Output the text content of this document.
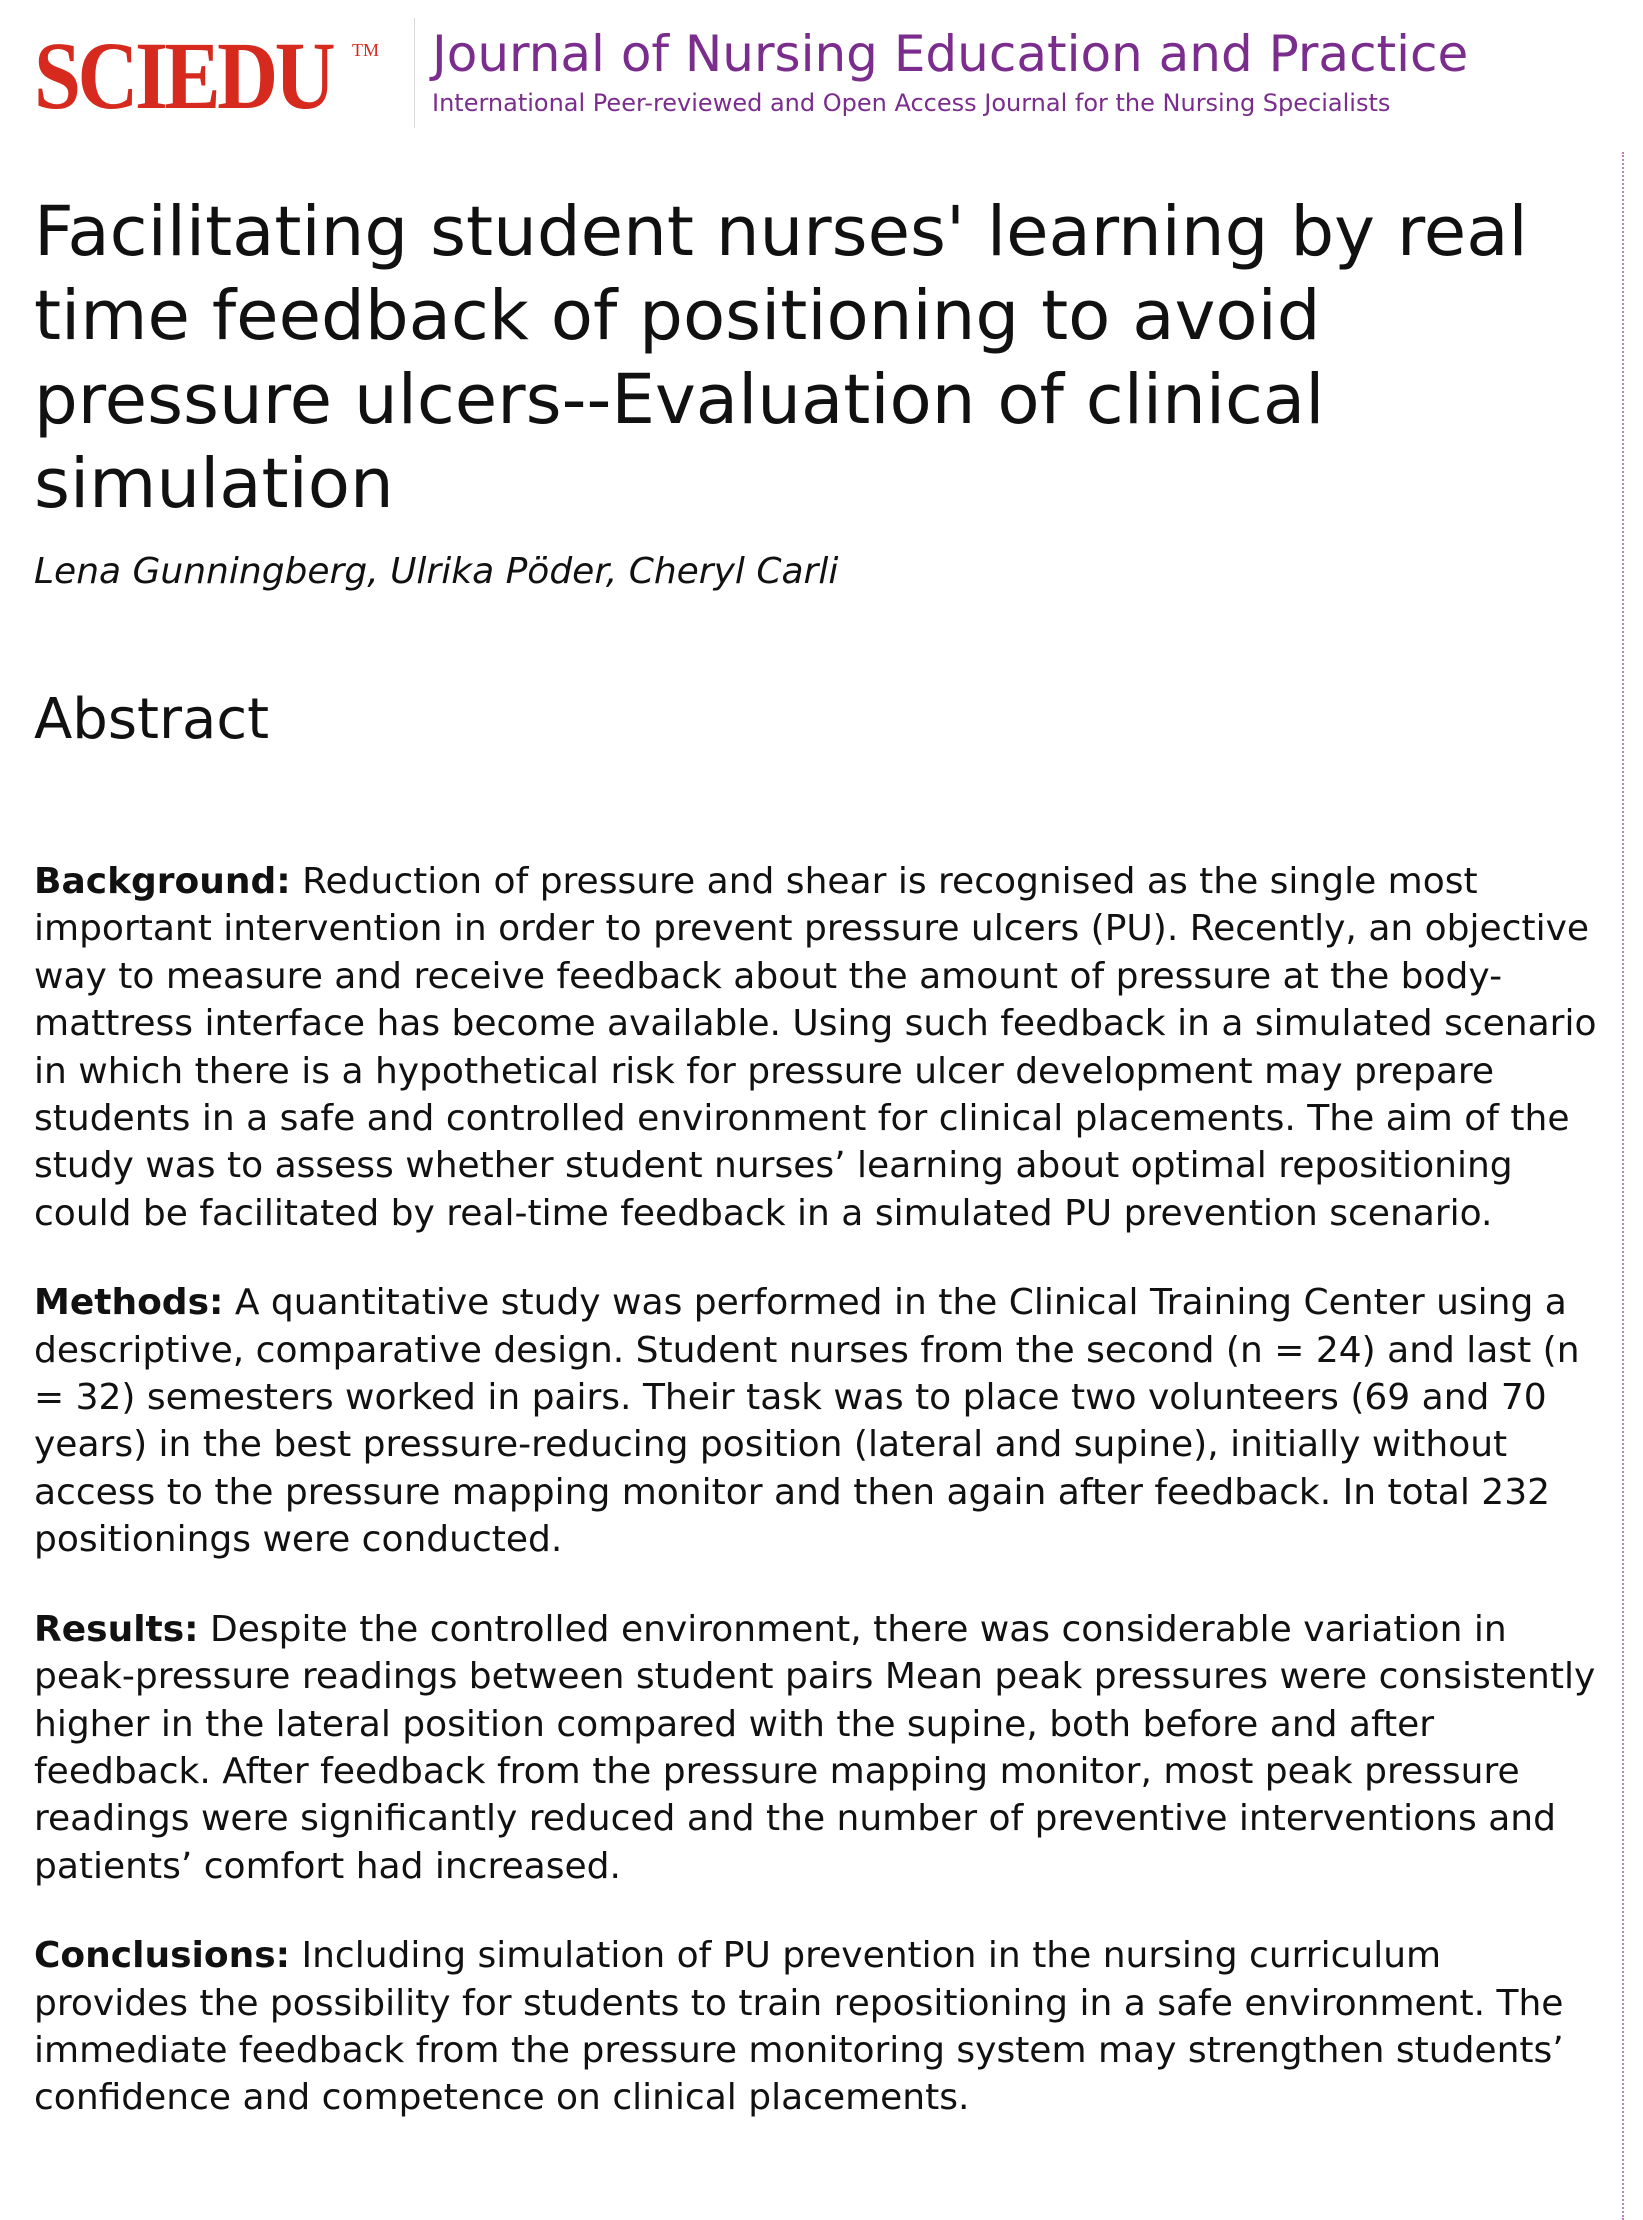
SCIEDU TM Journal of Nursing Education and Practice
International Peer-reviewed and Open Access Journal for the Nursing Specialists
Facilitating student nurses' learning by real time feedback of positioning to avoid pressure ulcers--Evaluation of clinical simulation
Lena Gunningberg, Ulrika Pöder, Cheryl Carli
Abstract

Background: Reduction of pressure and shear is recognised as the single most important intervention in order to prevent pressure ulcers (PU). Recently, an objective way to measure and receive feedback about the amount of pressure at the body-mattress interface has become available. Using such feedback in a simulated scenario in which there is a hypothetical risk for pressure ulcer development may prepare students in a safe and controlled environment for clinical placements. The aim of the study was to assess whether student nurses’ learning about optimal repositioning could be facilitated by real-time feedback in a simulated PU prevention scenario.

Methods: A quantitative study was performed in the Clinical Training Center using a descriptive, comparative design. Student nurses from the second (n = 24) and last (n = 32) semesters worked in pairs. Their task was to place two volunteers (69 and 70 years) in the best pressure-reducing position (lateral and supine), initially without access to the pressure mapping monitor and then again after feedback. In total 232 positionings were conducted.

Results: Despite the controlled environment, there was considerable variation in peak-pressure readings between student pairs Mean peak pressures were consistently higher in the lateral position compared with the supine, both before and after feedback. After feedback from the pressure mapping monitor, most peak pressure readings were significantly reduced and the number of preventive interventions and patients’ comfort had increased.

Conclusions: Including simulation of PU prevention in the nursing curriculum provides the possibility for students to train repositioning in a safe environment. The immediate feedback from the pressure monitoring system may strengthen students’ confidence and competence on clinical placements.
